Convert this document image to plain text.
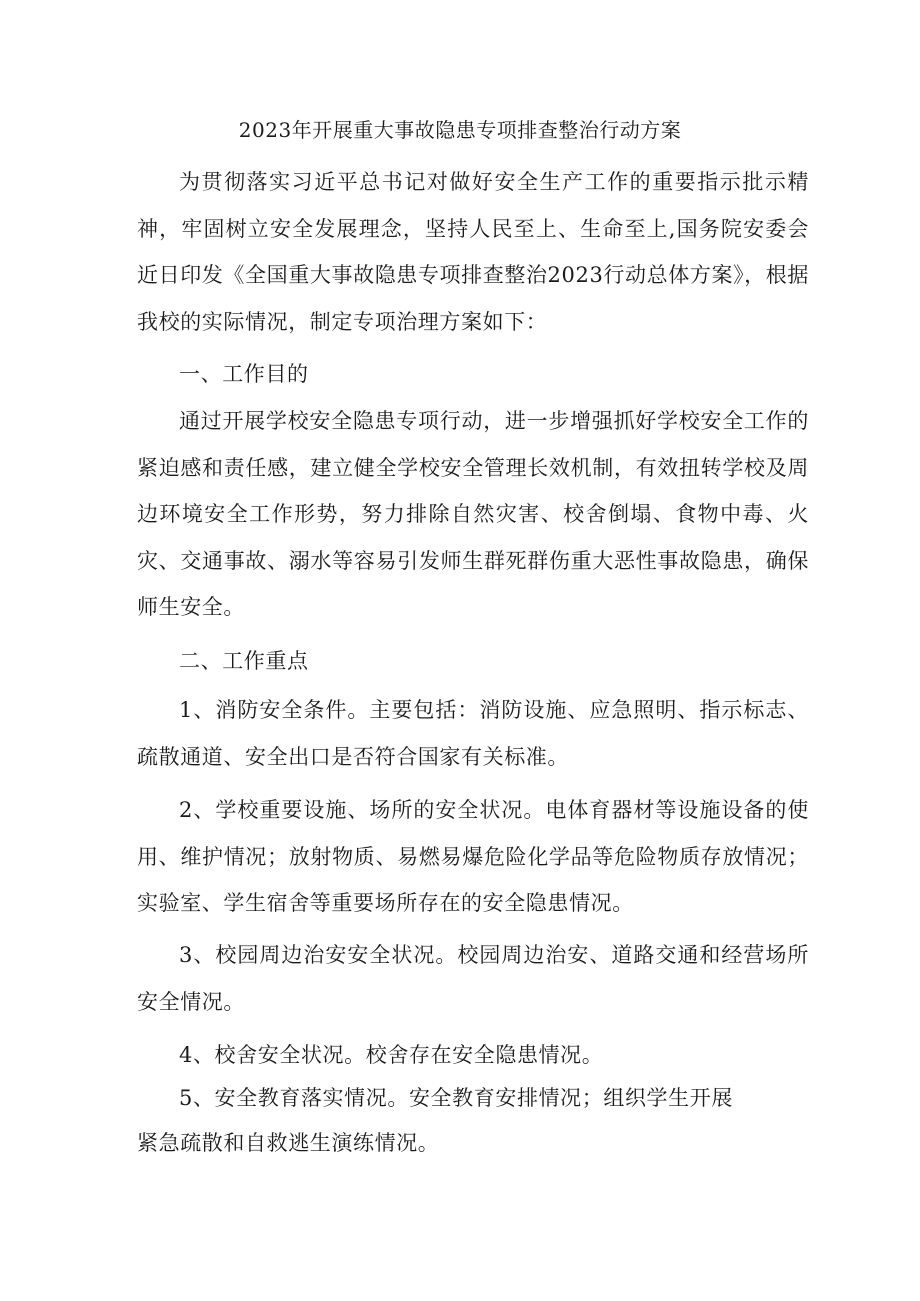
2023年开展重大事故隐患专项排查整治行动方案
为贯彻落实习近平总书记对做好安全生产工作的重要指示批示精神，牢固树立安全发展理念，坚持人民至上、生命至上,国务院安委会近日印发《全国重大事故隐患专项排查整治2023行动总体方案》，根据我校的实际情况，制定专项治理方案如下：
一、工作目的
通过开展学校安全隐患专项行动，进一步增强抓好学校安全工作的紧迫感和责任感，建立健全学校安全管理长效机制，有效扭转学校及周边环境安全工作形势，努力排除自然灾害、校舍倒塌、食物中毒、火灾、交通事故、溺水等容易引发师生群死群伤重大恶性事故隐患，确保师生安全。
二、工作重点
1、消防安全条件。主要包括：消防设施、应急照明、指示标志、疏散通道、安全出口是否符合国家有关标准。
2、学校重要设施、场所的安全状况。电体育器材等设施设备的使用、维护情况；放射物质、易燃易爆危险化学品等危险物质存放情况；实验室、学生宿舍等重要场所存在的安全隐患情况。
3、校园周边治安安全状况。校园周边治安、道路交通和经营场所安全情况。
4、校舍安全状况。校舍存在安全隐患情况。
5、安全教育落实情况。安全教育安排情况；组织学生开展
紧急疏散和自救逃生演练情况。
